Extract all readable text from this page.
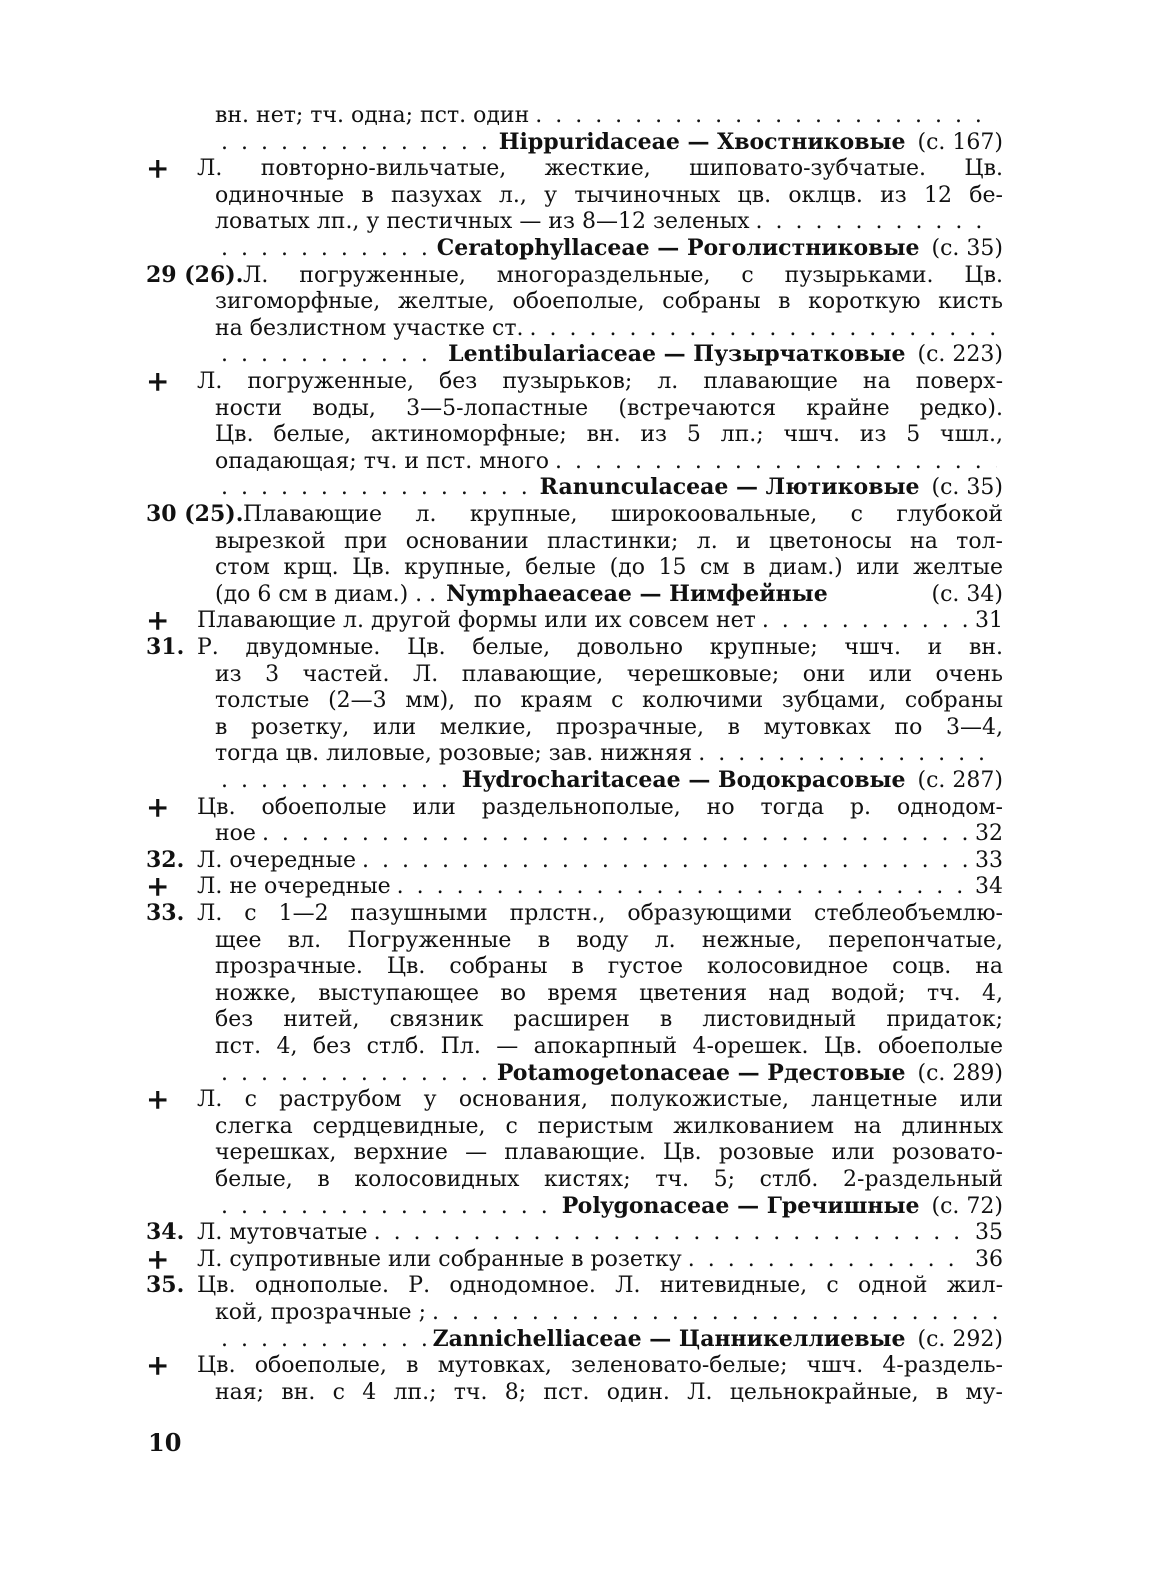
вн. нет; тч. одна; пст. один
. . .
. . .
Hippuridaceae — Хвостниковые (с. 167)
+ Л. повторно-вильчатые, жесткие, шиповато-зубчатые. Цв.
одиночные в пазухах л., у тычиночных цв. оклцв. из 12 бе-
ловатых лп., у пестичных — из 8—12 зеленых
. . .
. . .
Ceratophyllaceae — Роголистниковые (с. 35)
29 (26). Л. погруженные, многораздельные, с пузырьками. Цв.
зигоморфные, желтые, обоеполые, собраны в короткую кисть
на безлистном участке ст.
. . .
. . .
Lentibulariaceae — Пузырчатковые (с. 223)
+ Л. погруженные, без пузырьков; л. плавающие на поверх-
ности воды, 3—5-лопастные (встречаются крайне редко).
Цв. белые, актиноморфные; вн. из 5 лп.; чшч. из 5 чшл.,
опадающая; тч. и пст. много
. . .
. . .
Ranunculaceae — Лютиковые (с. 35)
30 (25). Плавающие л. крупные, широкоовальные, с глубокой
вырезкой при основании пластинки; л. и цветоносы на тол-
стом крщ. Цв. крупные, белые (до 15 см в диам.) или желтые
(до 6 см в диам.) . . Nymphaeaceae — Нимфейные	(с. 34)
+ Плавающие л. другой формы или их совсем нет . . .	31
31. Р. двудомные. Цв. белые, довольно крупные; чшч. и вн.
из 3 частей. Л. плавающие, черешковые; они или очень
толстые (2—3 мм), по краям с колючими зубцами, собраны
в розетку, или мелкие, прозрачные, в мутовках по 3—4,
тогда цв. лиловые, розовые; зав. нижняя
. . .
. . .
Hydrocharitaceae — Водокрасовые (с. 287)
+ Цв. обоеполые или раздельнополые, но тогда р. однодом-
ное . . .	32
32. Л. очередные . . .	33
+ Л. не очередные . . .	34
33. Л. с 1—2 пазушными прлстн., образующими стеблеобъемлю-
щее вл. Погруженные в воду л. нежные, перепончатые,
прозрачные. Цв. собраны в густое колосовидное соцв. на
ножке, выступающее во время цветения над водой; тч. 4,
без нитей, связник расширен в листовидный придаток;
пст. 4, без стлб. Пл. — апокарпный 4-орешек. Цв. обоеполые
. . .
Potamogetonaceae — Рдестовые (с. 289)
+ Л. с раструбом у основания, полукожистые, ланцетные или
слегка сердцевидные, с перистым жилкованием на длинных
черешках, верхние — плавающие. Цв. розовые или розовато-
белые, в колосовидных кистях; тч. 5; стлб. 2-раздельный
. . .
Polygonaceae — Гречишные (с. 72)
34. Л. мутовчатые . . .	35
+ Л. супротивные или собранные в розетку . . .	36
35. Цв. однополые. Р. однодомное. Л. нитевидные, с одной жил-
кой, прозрачные ;
. . .
. . .
Zannichelliaceae — Цанникеллиевые (с. 292)
+ Цв. обоеполые, в мутовках, зеленовато-белые; чшч. 4-раздель-
ная; вн. с 4 лп.; тч. 8; пст. один. Л. цельнокрайные, в му-
10
